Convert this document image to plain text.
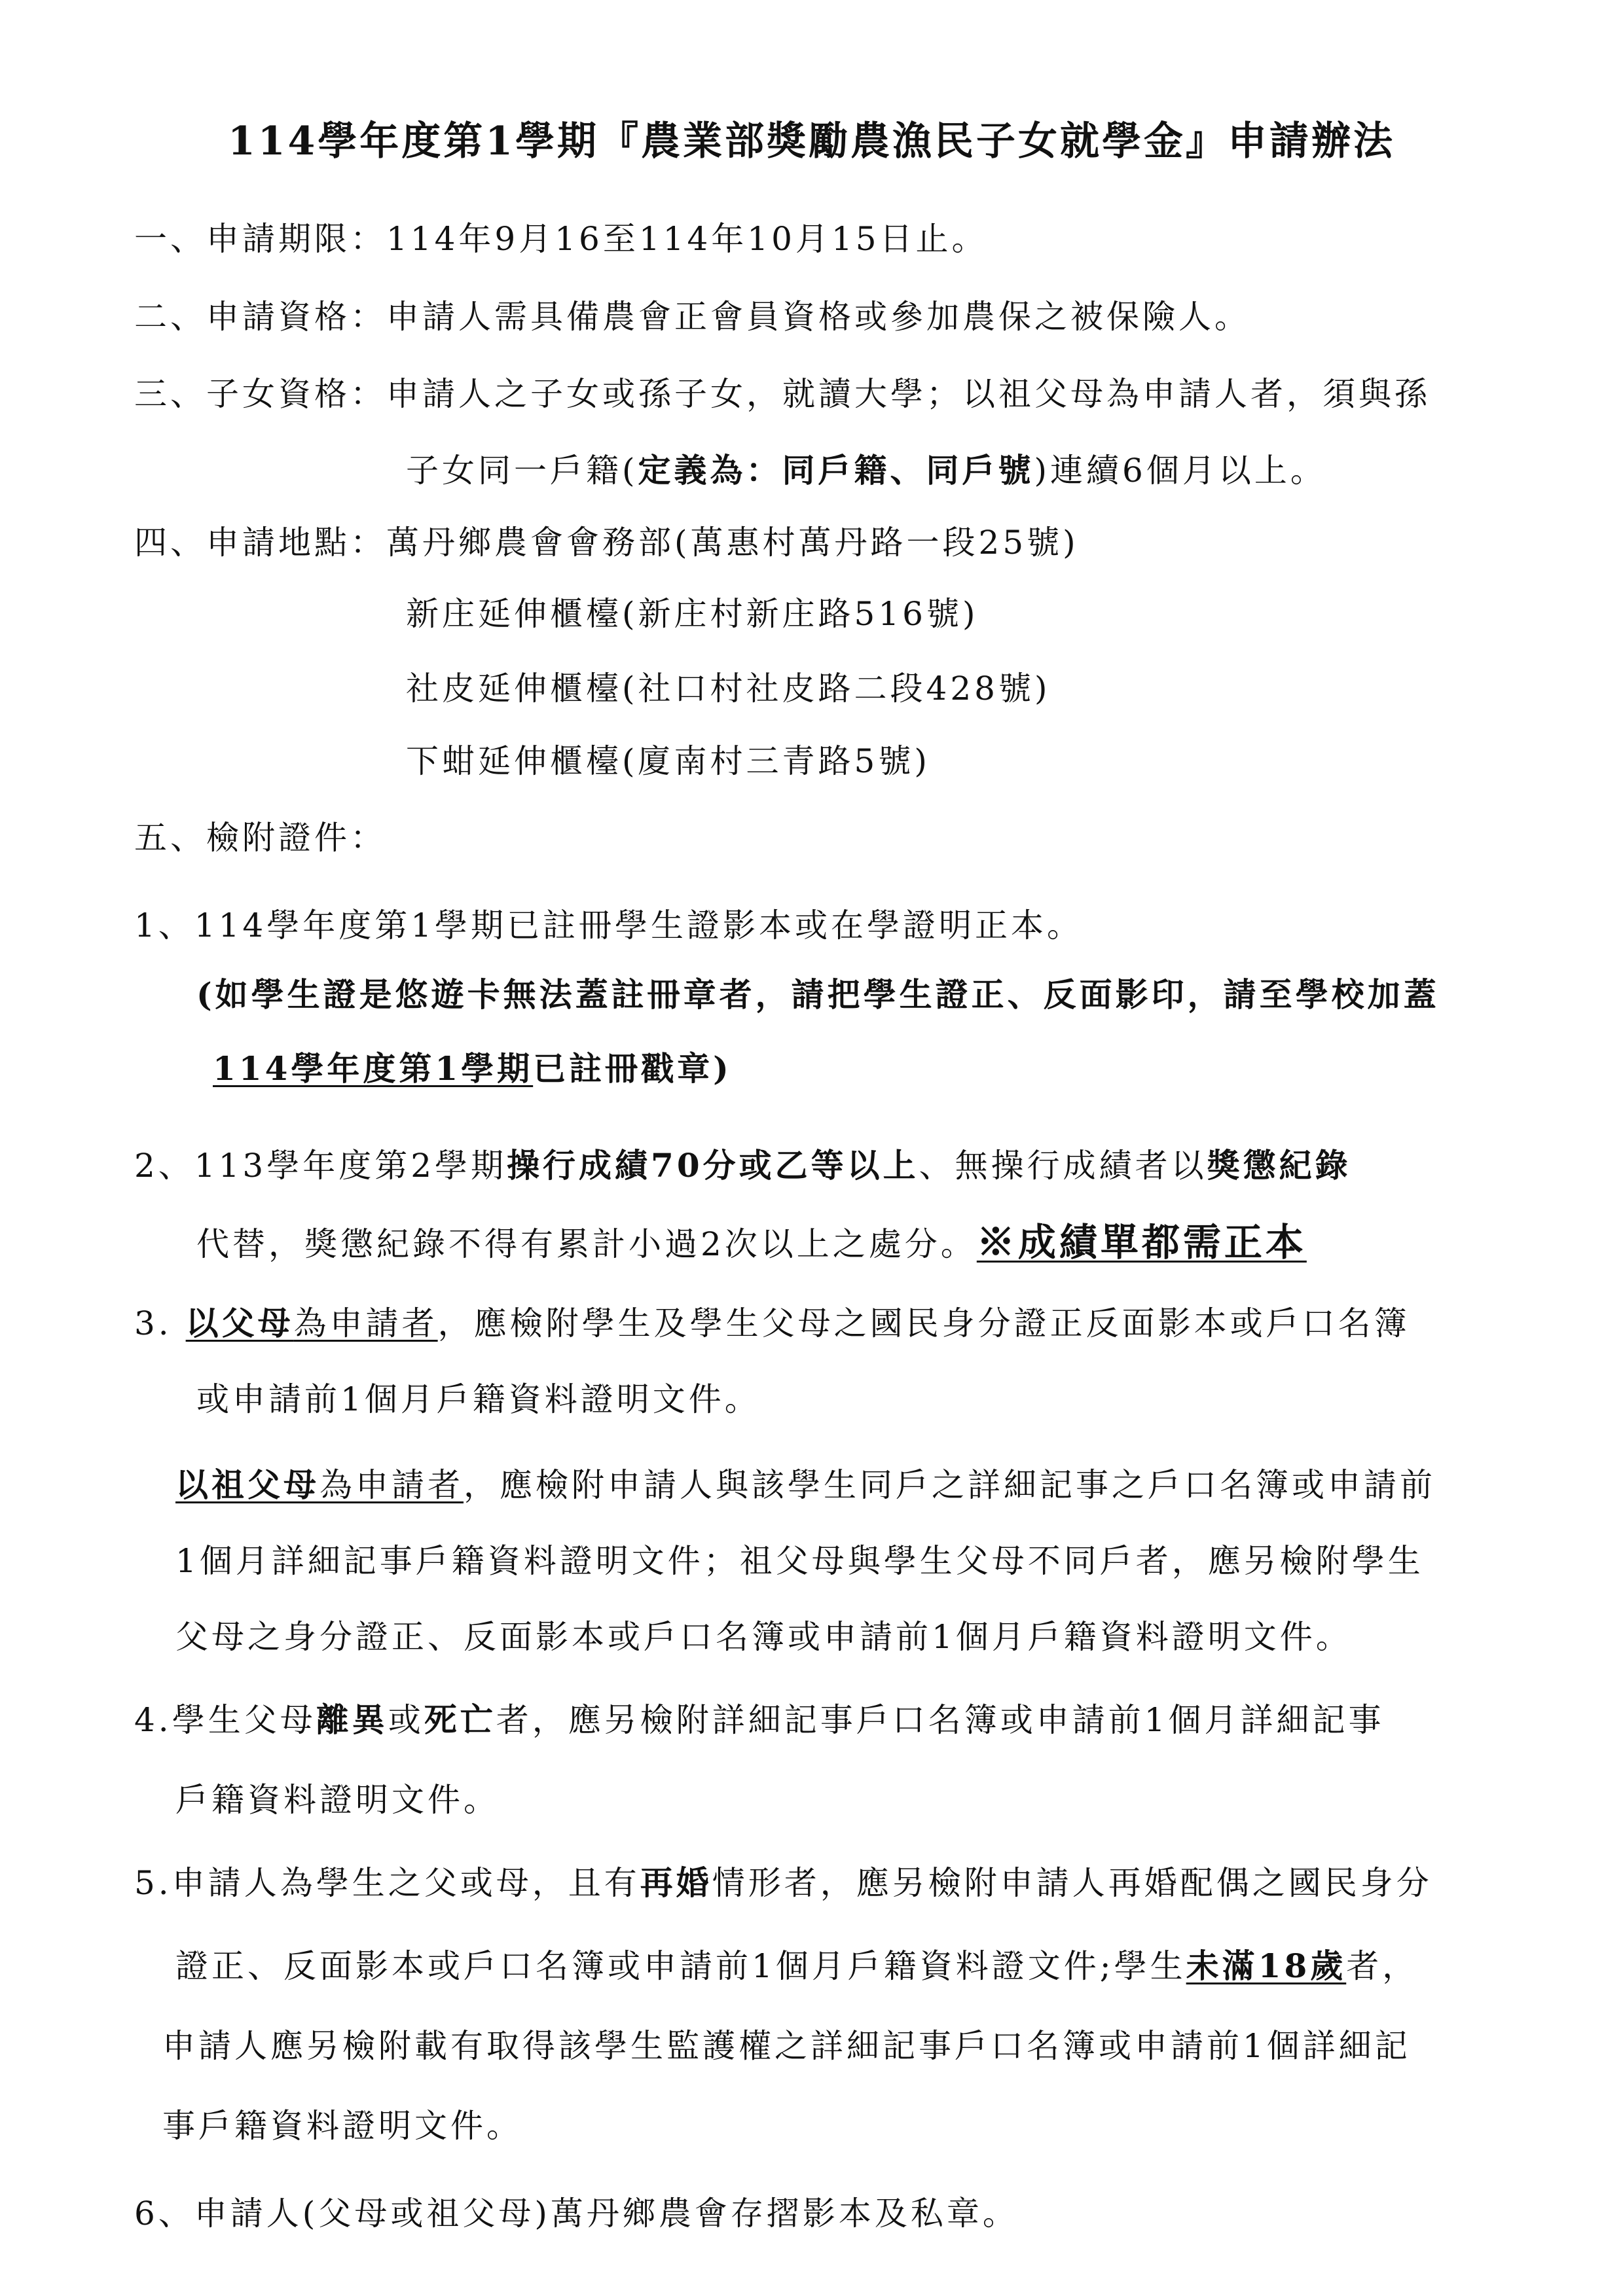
114學年度第1學期『農業部獎勵農漁民子女就學金』申請辦法
一、申請期限：114年9月16至114年10月15日止。
二、申請資格：申請人需具備農會正會員資格或參加農保之被保險人。
三、子女資格：申請人之子女或孫子女，就讀大學；以祖父母為申請人者，須與孫
子女同一戶籍(定義為：同戶籍、同戶號)連續6個月以上。
四、申請地點：萬丹鄉農會會務部(萬惠村萬丹路一段25號)
新庄延伸櫃檯(新庄村新庄路516號)
社皮延伸櫃檯(社口村社皮路二段428號)
下蚶延伸櫃檯(廈南村三青路5號)
五、檢附證件：
1、114學年度第1學期已註冊學生證影本或在學證明正本。
(如學生證是悠遊卡無法蓋註冊章者，請把學生證正、反面影印，請至學校加蓋
114學年度第1學期已註冊戳章)
2、113學年度第2學期操行成績70分或乙等以上、無操行成績者以獎懲紀錄
代替，獎懲紀錄不得有累計小過2次以上之處分。※成績單都需正本
3. 以父母為申請者，應檢附學生及學生父母之國民身分證正反面影本或戶口名簿
或申請前1個月戶籍資料證明文件。
以祖父母為申請者，應檢附申請人與該學生同戶之詳細記事之戶口名簿或申請前
1個月詳細記事戶籍資料證明文件；祖父母與學生父母不同戶者，應另檢附學生
父母之身分證正、反面影本或戶口名簿或申請前1個月戶籍資料證明文件。
4.學生父母離異或死亡者，應另檢附詳細記事戶口名簿或申請前1個月詳細記事
戶籍資料證明文件。
5.申請人為學生之父或母，且有再婚情形者，應另檢附申請人再婚配偶之國民身分
證正、反面影本或戶口名簿或申請前1個月戶籍資料證文件;學生未滿18歲者，
申請人應另檢附載有取得該學生監護權之詳細記事戶口名簿或申請前1個詳細記
事戶籍資料證明文件。
6、申請人(父母或祖父母)萬丹鄉農會存摺影本及私章。
